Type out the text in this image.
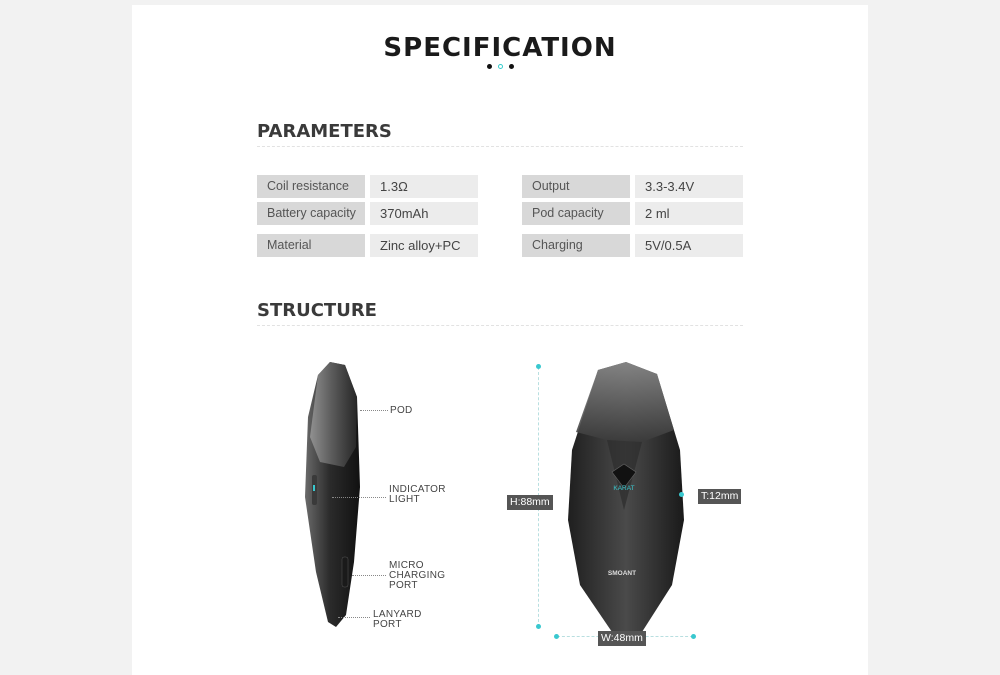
SPECIFICATION
PARAMETERS
Coil resistance	1.3Ω
Battery capacity	370mAh
Material	Zinc alloy+PC
Output	3.3-3.4V
Pod capacity	2 ml
Charging	5V/0.5A
STRUCTURE
POD
INDICATOR
LIGHT
MICRO
CHARGING
PORT
LANYARD
PORT
KARAT
SMOANT
H:88mm	T:12mm
W:48mm
